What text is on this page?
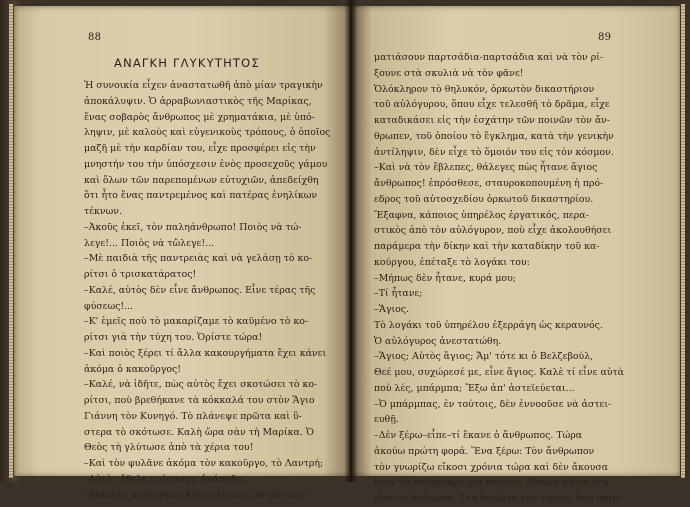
88
ΑΝΑΓΚΗ ΓΛΥΚΥΤΗΤΟΣ
Ἡ συνοικία εἶχεν ἀναστατωθῆ ἀπὸ μίαν τραγικὴν
ἀποκάλυψιν. Ὁ ἀρραβωνιαστικὸς τῆς Μαρίκας,
ἕνας σοβαρὸς ἄνθρωπος μὲ χρηματάκια, μὲ ὑπό-
ληψιν, μὲ καλοὺς καὶ εὐγενικοὺς τρόπους, ὁ ὁποῖος
μαζῆ μὲ τὴν καρδίαν του, εἶχε προσφέρει εἰς τὴν
μνηστήν του τὴν ὑπόσχεσιν ἑνὸς προσεχοῦς γάμου
καὶ ὅλων τῶν παρεπομένων εὐτυχιῶν, ἀπεδείχθη
ὅτι ἦτο ἕνας παντρεμένος καὶ πατέρας ἐνηλίκων
τέκνων.
–Ἀκοῦς ἐκεῖ, τὸν παληάνθρωπο! Ποιὸς νὰ τώ-
λεγε!... Ποιὸς νὰ τὤλεγε!...
–Μὲ παιδιὰ τῆς παντρειὰς καὶ νὰ γελάσῃ τὸ κο-
ρίτσι ὁ τρισκατάρατος!
–Καλέ, αὐτὸς δὲν εἶνε ἄνθρωπος. Εἶνε τέρας τῆς
φύσεως!...
–Κ' ἐμεῖς ποὺ τὸ μακαρίζαμε τὸ καϋμένο τὸ κο-
ρίτσι γιὰ τὴν τύχη του. Ὁρίστε τώρα!
–Καὶ ποιὸς ξέρει τί ἄλλα κακουργήματα ἔχει κάνει
ἀκόμα ὁ κακοῦργος!
–Καλέ, νὰ ἰδῆτε, πὼς αὐτὸς ἔχει σκοτώσει τὸ κο-
ρίτσι, ποὺ βρεθήκανε τὰ κόκκαλά του στὸν Ἅγιο
Γιάννη τὸν Κυνηγό. Τὸ πλάνεψε πρῶτα καὶ ὕ-
στερα τὸ σκότωσε. Καλὴ ὥρα σὰν τὴ Μαρίκα. Ὁ
Θεὸς τὴ γλύτωσε ἀπὸ τὰ χέρια του!
–Καὶ τὸν φυλᾶνε ἀκόμα τὸν κακοῦργο, τὸ Λαντρή;
–Αὐτὸς ἤθελε κρέμασμα ἀνάποδα.
–Μονάχα κρέμασμα; Αὐτὸν ἔπρεπε νὰ τὸν κομ-
89
ματιάσουν παρτσάδια-παρτσάδια καὶ νὰ τὸν ρί-
ξουνε στὰ σκυλιὰ νὰ τὸν φᾶνε!
Ὁλόκληρον τὸ θηλυκόν, ὀρκωτὸν δικαστήριον
τοῦ αὐλόγυρου, ὅπου εἶχε τελεσθῆ τὸ δρᾶμα, εἶχε
καταδικάσει εἰς τὴν ἐσχάτην τῶν ποινῶν τὸν ἄν-
θρωπεν, τοῦ ὁποίου τὸ ἔγκλημα, κατὰ τὴν γενικὴν
ἀντίληψιν, δὲν εἶχε τὸ ὅμοιόν του εἰς τὸν κόσμον.
–Καὶ νὰ τὸν ἔβλεπες, θάλεγες πὼς ἦτανε ἅγιος
ἄνθρωπος! ἐπρόσθεσε, σταυροκοπουμένη ἡ πρό-
εδρος τοῦ αὐτοσχεδίου ὀρκωτοῦ δικαστηρίου.
Ἔξαφνα, κάποιος ὑπηρέλος ἐργατικός, περα-
στικὸς ἀπὸ τὸν αὐλόγυρον, ποὺ εἶχε ἀκολουθήσει
παράμερα τὴν δίκην καὶ τὴν καταδίκην τοῦ κα-
κούργου, ἐπέταξε τὸ λογάκι του:
–Μήπως δὲν ἦτανε, κυρά μου;
–Τί ἦτανε;
–Ἅγιος.
Τὸ λογάκι τοῦ ὑπηρέλου ἐξερράγη ὡς κεραυνός.
Ὁ αὐλόγυρος ἀνεστατώθη.
–Ἅγιος; Αὐτὸς ἅγιος; Ἄμ' τότε κι ὁ Βελζεβούλ,
Θεέ μου, συχώρεσέ με, εἶνε ἅγιος. Καλὲ τί εἶνε αὐτὰ
ποὺ λές, μπάρμπα; Ἔξω ἀπ' ἀστεϊεύεται...
–Ὁ μπάρμπας, ἐν τούτοις, δὲν ἐννοοῦσε νὰ ἀστει-
ευθῇ.
–Δὲν ξέρω–εἶπε–τί ἔκανε ὁ ἄνθρωπος. Τώρα
ἀκούω πρώτη φορά. Ἕνα ξέρω: Τὸν ἄνθρωπον
τὸν γνωρίζω εἴκοσι χρόνια τώρα καὶ δὲν ἄκουσα
ποτὲ τὸ παραμικρὸ γιὰ δαῦτον. Μαῦρα μάτια δὲν
εἶπε σὲ ἄνθρωπο. Στὴ δουλειά του τίμιος, ὅσο παίρ-
